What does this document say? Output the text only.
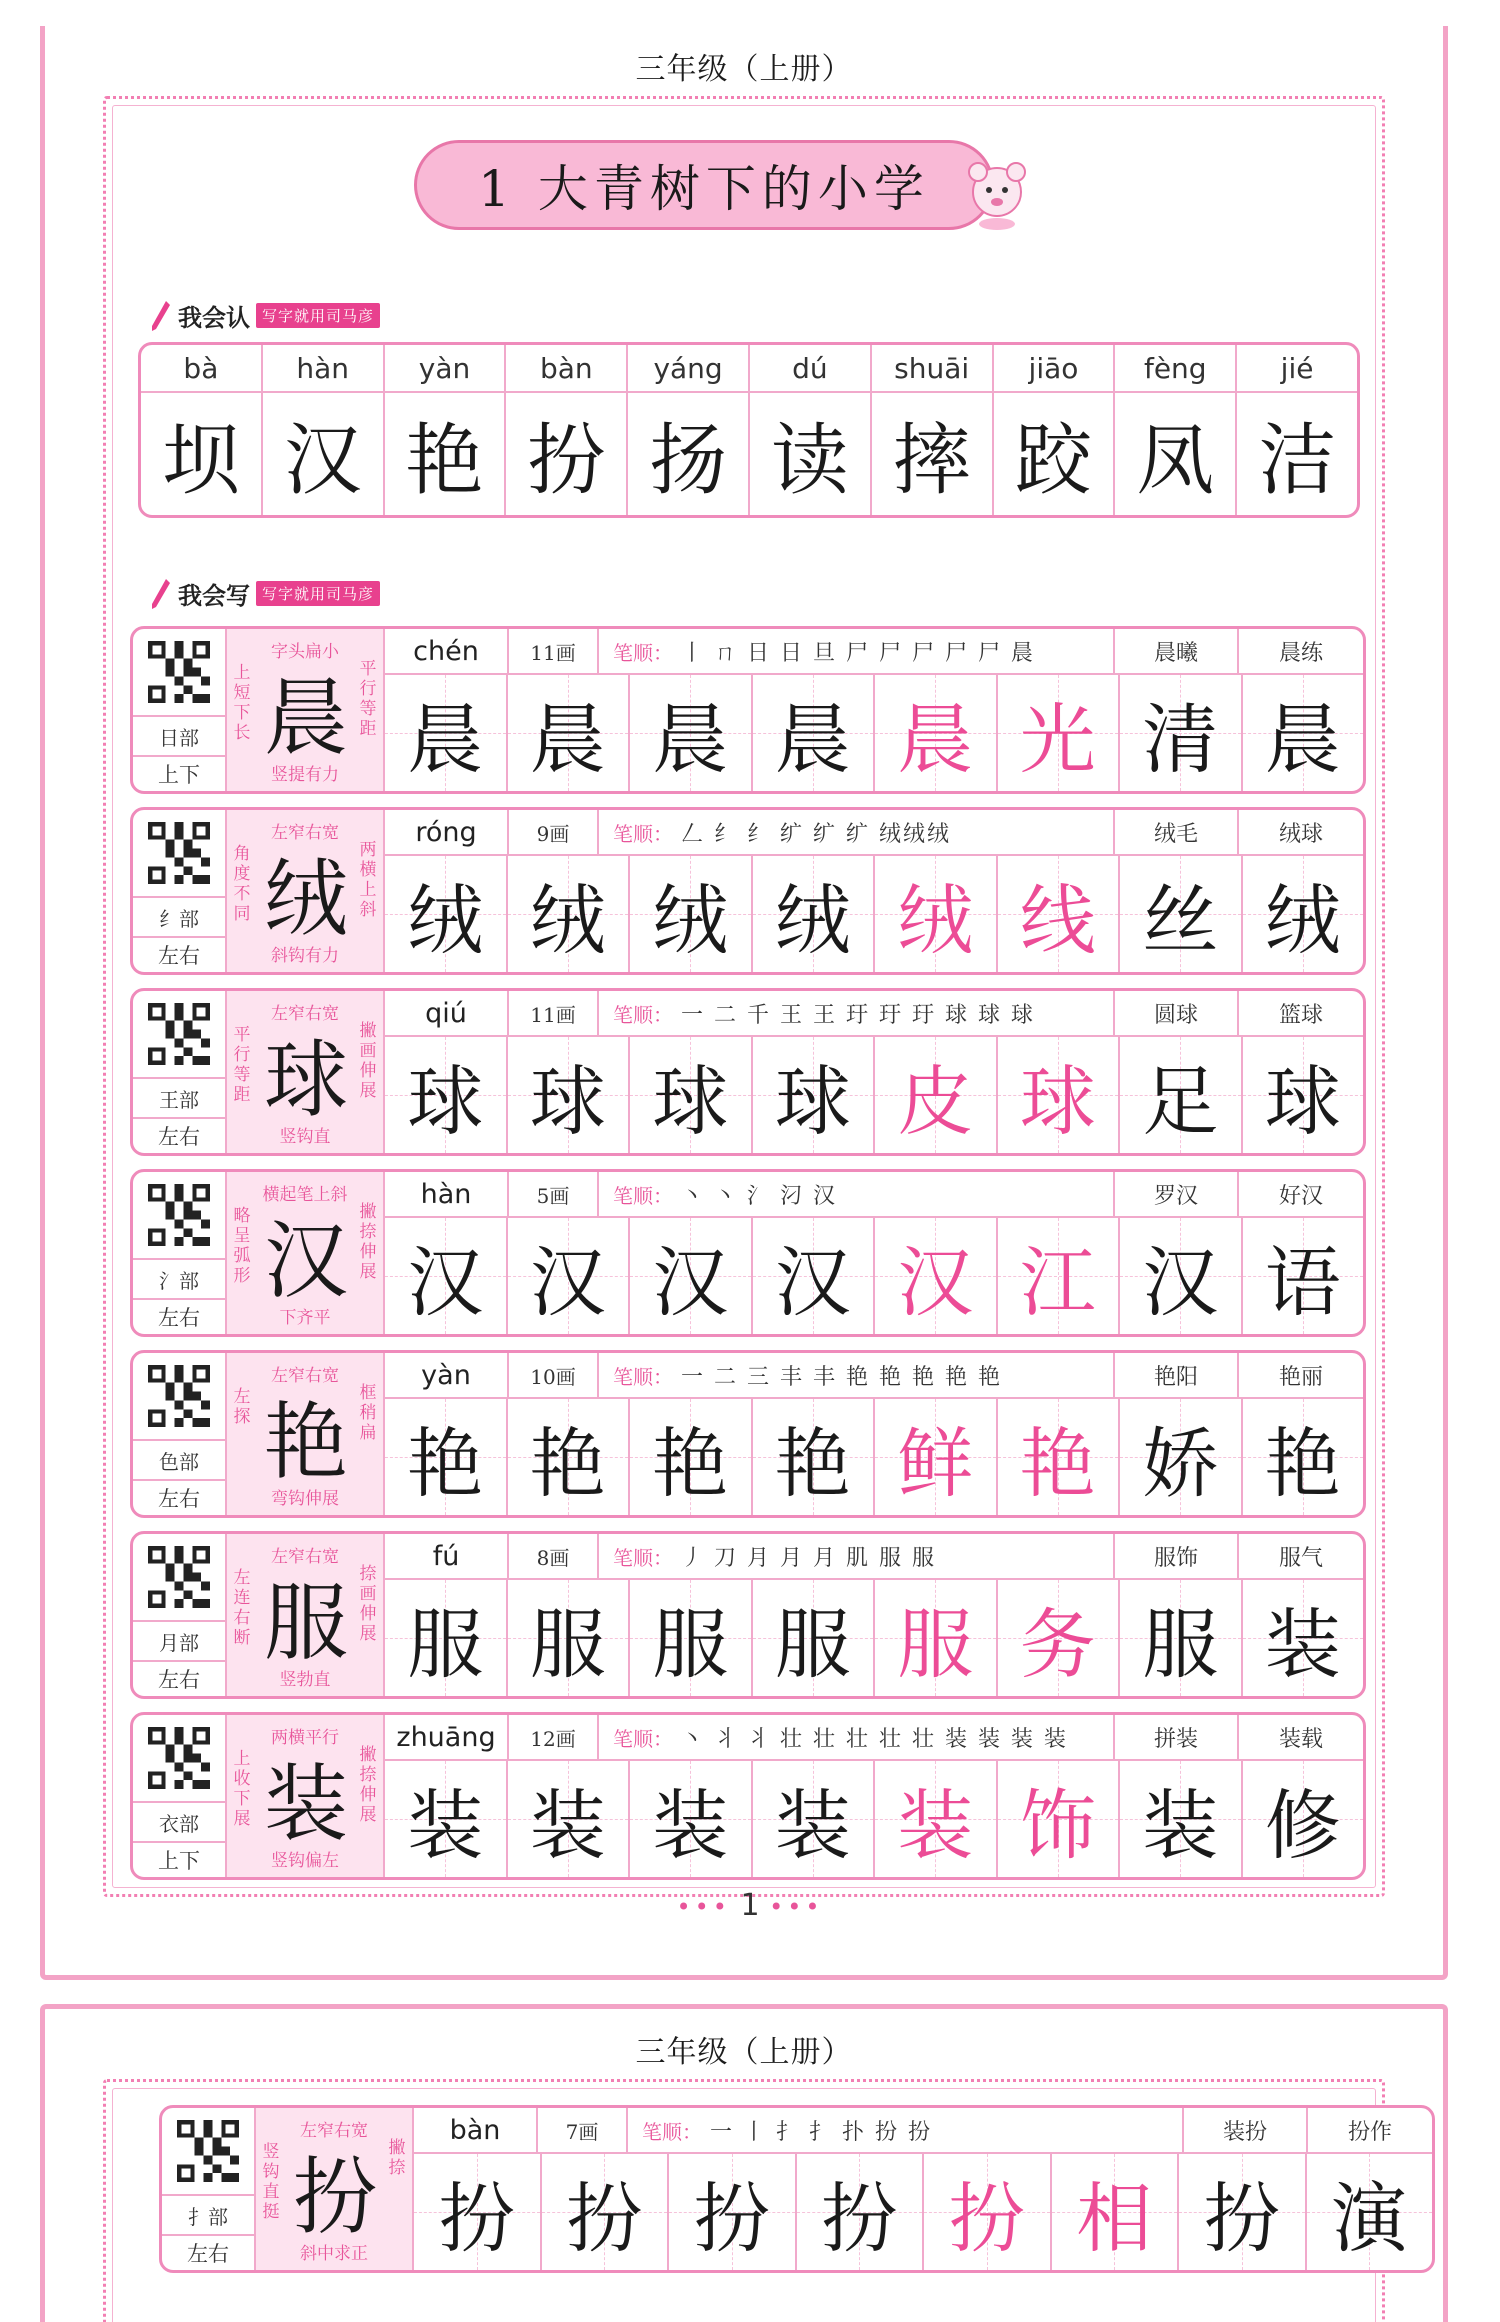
三年级（上册）
1 大青树下的小学
我会认 写字就用司马彦
bà	hàn	yàn	bàn	yáng	dú	shuāi	jiāo	fèng	jié
坝 汉 艳 扮 扬 读 摔 跤 凤 洁
我会写 写字就用司马彦
日部
上下
字头扁小
上短下长
平行等距
晨
竖提有力
chén	11画	笔顺： 丨 ㄇ 日 日 旦 尸 尸 尸 尸 尸 晨	晨曦	晨练
晨 晨 晨 晨 晨 光 清 晨
纟部
左右
左窄右宽
角度不同
两横上斜
绒
斜钩有力
róng	9画	笔顺： 𠃋 纟 纟 纩 纩 纩 绒绒绒	绒毛	绒球
绒 绒 绒 绒 绒 线 丝 绒
王部
左右
左窄右宽
平行等距
撇画伸展
球
竖钩直
qiú	11画	笔顺： 一 二 千 王 王 玗 玗 玗 球 球 球	圆球	篮球
球 球 球 球 皮 球 足 球
氵部
左右
横起笔上斜
略呈弧形
撇捺伸展
汉
下齐平
hàn	5画	笔顺： 丶 丶 氵 汈 汉	罗汉	好汉
汉 汉 汉 汉 汉 江 汉 语
色部
左右
左窄右宽
左探
框稍扁
艳
弯钩伸展
yàn	10画	笔顺： 一 二 三 丰 丰 艳 艳 艳 艳 艳	艳阳	艳丽
艳 艳 艳 艳 鲜 艳 娇 艳
月部
左右
左窄右宽
左连右断
捺画伸展
服
竖勃直
fú	8画	笔顺： 丿 刀 月 月 月 肌 服 服	服饰	服气
服 服 服 服 服 务 服 装
衣部
上下
两横平行
上收下展
撇捺伸展
装
竖钩偏左
zhuāng	12画	笔顺： 丶 丬 丬 壮 壮 壮 壮 壮 装 装 装 装	拼装	装载
装 装 装 装 装 饰 装 修
••• 1 •••
三年级（上册）
扌部
左右
左窄右宽
竖钩直挺
撇捺
扮
斜中求正
bàn	7画	笔顺： 一 丨 扌 扌 扑 扮 扮	装扮	扮作
扮 扮 扮 扮 扮 相 扮 演
